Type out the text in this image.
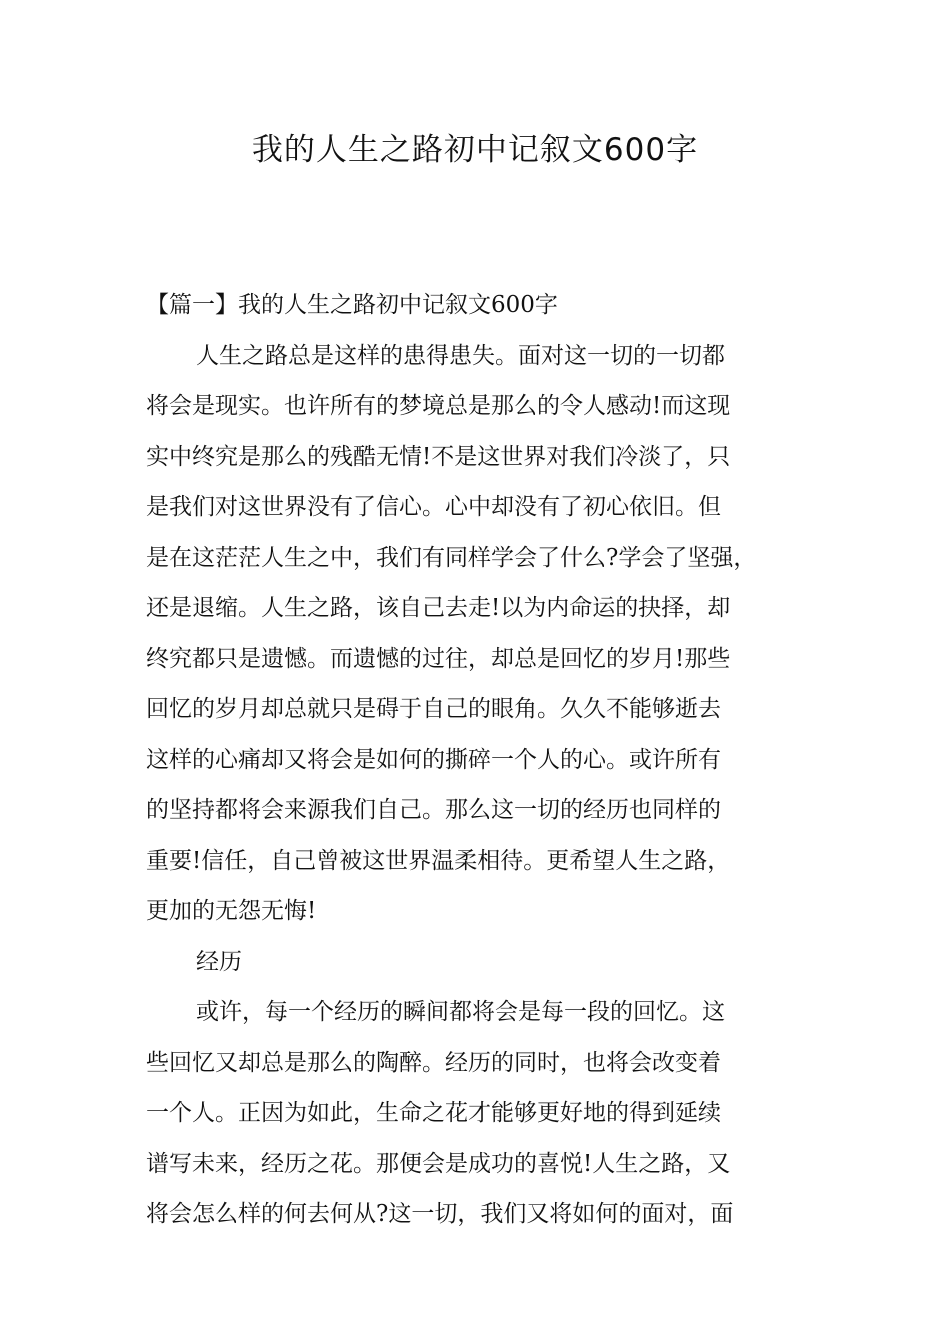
我的人生之路初中记叙文600字
【篇一】我的人生之路初中记叙文600字
人生之路总是这样的患得患失。面对这一切的一切都
将会是现实。也许所有的梦境总是那么的令人感动!而这现
实中终究是那么的残酷无情!不是这世界对我们冷淡了，只
是我们对这世界没有了信心。心中却没有了初心依旧。但
是在这茫茫人生之中，我们有同样学会了什么?学会了坚强，
还是退缩。人生之路，该自己去走!以为内命运的抉择，却
终究都只是遗憾。而遗憾的过往，却总是回忆的岁月!那些
回忆的岁月却总就只是碍于自己的眼角。久久不能够逝去
这样的心痛却又将会是如何的撕碎一个人的心。或许所有
的坚持都将会来源我们自己。那么这一切的经历也同样的
重要!信任，自己曾被这世界温柔相待。更希望人生之路，
更加的无怨无悔!
经历
或许，每一个经历的瞬间都将会是每一段的回忆。这
些回忆又却总是那么的陶醉。经历的同时，也将会改变着
一个人。正因为如此，生命之花才能够更好地的得到延续
谱写未来，经历之花。那便会是成功的喜悦!人生之路，又
将会怎么样的何去何从?这一切，我们又将如何的面对，面
